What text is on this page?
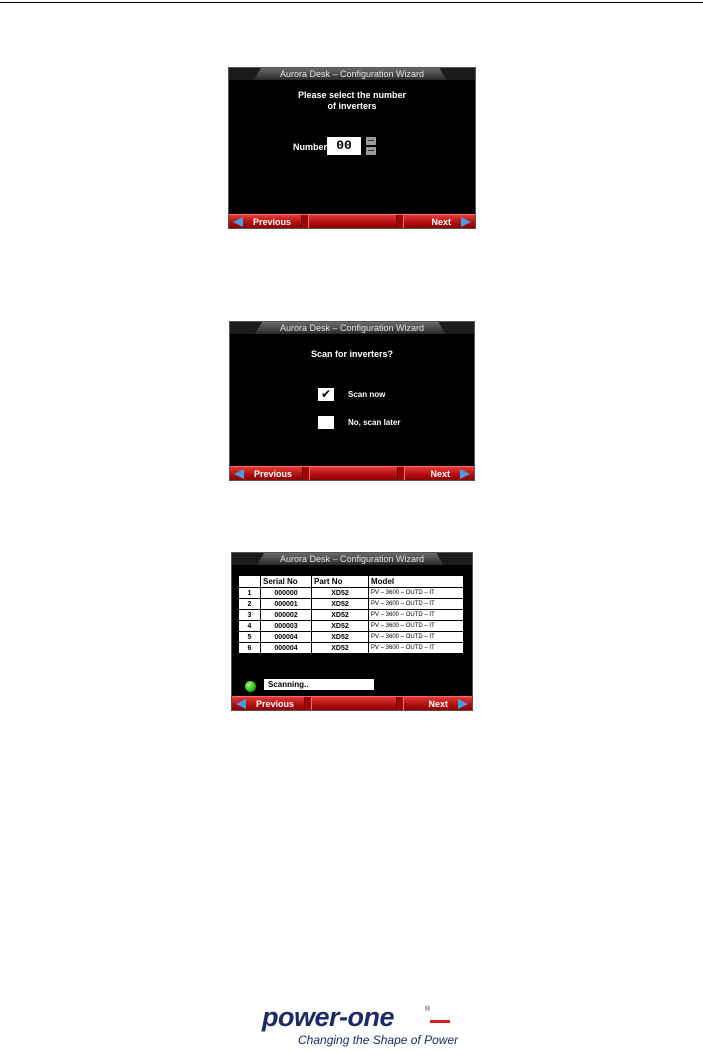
Aurora Desk – Configuration Wizard
Please select the number
of inverters
Number 00
Previous	Next
Aurora Desk – Configuration Wizard
Scan for inverters?
✔	Scan now
No, scan later
Previous	Next
Aurora Desk – Configuration Wizard
	Serial No	Part No	Model
1	000000	XD52	PV – 3600 – OUTD – IT
2	000001	XD52	PV – 3600 – OUTD – IT
3	000002	XD52	PV – 3600 – OUTD – IT
4	000003	XD52	PV – 3600 – OUTD – IT
5	000004	XD52	PV – 3600 – OUTD – IT
6	000004	XD52	PV – 3600 – OUTD – IT
Scanning..
Previous	Next
power-one	®
Changing the Shape of Power
